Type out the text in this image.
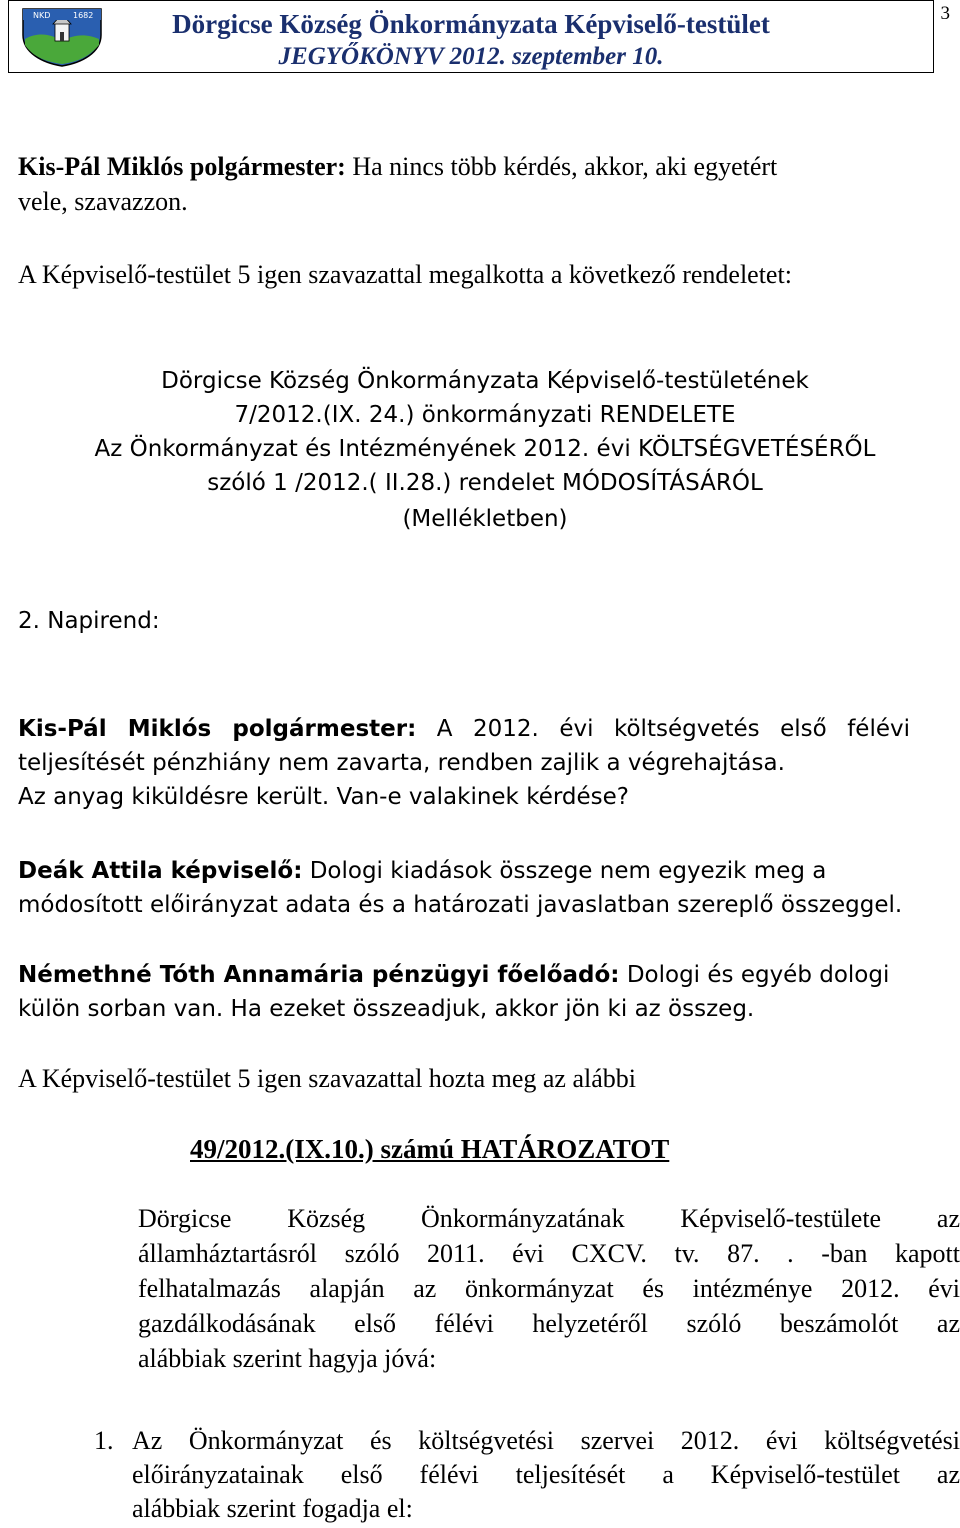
NKD	1682	Dörgicse Község Önkormányzata Képviselő-testület
JEGYŐKÖNYV 2012. szeptember 10.
3
Kis-Pál Miklós polgármester: Ha nincs több kérdés, akkor, aki egyetért
vele, szavazzon.
A Képviselő-testület 5 igen szavazattal megalkotta a következő rendeletet:
Dörgicse Község Önkormányzata Képviselő-testületének
7/2012.(IX. 24.) önkormányzati RENDELETE
Az Önkormányzat és Intézményének 2012. évi KÖLTSÉGVETÉSÉRŐL
szóló 1 /2012.( II.28.) rendelet MÓDOSÍTÁSÁRÓL
(Mellékletben)
2. Napirend:
Kis-Pál Miklós polgármester: A 2012. évi költségvetés első félévi
teljesítését pénzhiány nem zavarta, rendben zajlik a végrehajtása.
Az anyag kiküldésre került. Van-e valakinek kérdése?
Deák Attila képviselő: Dologi kiadások összege nem egyezik meg a
módosított előirányzat adata és a határozati javaslatban szereplő összeggel.
Némethné Tóth Annamária pénzügyi főelőadó: Dologi és egyéb dologi
külön sorban van. Ha ezeket összeadjuk, akkor jön ki az összeg.
A Képviselő-testület 5 igen szavazattal hozta meg az alábbi
49/2012.(IX.10.) számú HATÁROZATOT
Dörgicse Község Önkormányzatának Képviselő-testülete az
államháztartásról szóló 2011. évi CXCV. tv. 87. . -ban kapott
felhatalmazás alapján az önkormányzat és intézménye 2012. évi
gazdálkodásának első félévi helyzetéről szóló beszámolót az
alábbiak szerint hagyja jóvá:
1. Az Önkormányzat és költségvetési szervei 2012. évi költségvetési
előirányzatainak első félévi teljesítését a Képviselő-testület az
alábbiak szerint fogadja el:
